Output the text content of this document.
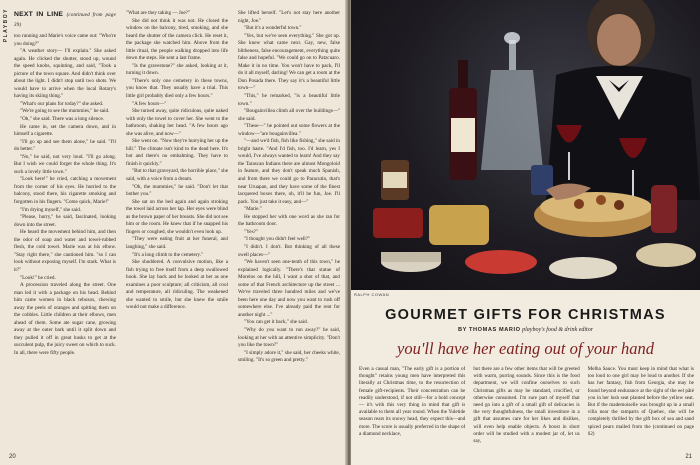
PLAYBOY NEXT IN LINE (continued from page 39)

too running and Marie's voice came out: "Who're you doing?"

"A weather story— I'll explain." She asked again. He clicked the shutter, stood up, wound the speed knobs, squinting, and said, "Took a picture of the town square. And didn't think over about the light. I didn't stop until two shots. We would have to arrive when the local Rotary's having its skiing thing."

"What's our plans for today?" she asked.

"We're going to see the mummies," he said.

"Oh," she said. There was a long silence.

He came in, set the camera down, and in himself a cigarette.

"I'll go up and see them alone," he said. "I'll do better."

"No," he said, not very loud. "I'll go along. But I wish we could forget the whole thing. It's such a lovely little town."

"Look here!" he cried, catching a movement from the corner of his eyes. He hurried to the balcony, stood there, his cigarette smoking and forgotten in his fingers. "Come quick, Marie!"

"I'm drying myself," she said.

"Please, hurry," he said, fascinated, looking down into the street.

He heard the movement behind him, and then the odor of soap and water and towel-rubbed flesh, the cold towel. Marie was at his elbow. "Stay right there," she cautioned him. "so I can look without exposing myself. I'm stark. What is it?"

"Look!" he cried.

A procession traveled along the street. One man led it with a package on his head. Behind him came women in black rebozos, chewing away the peels of oranges and spitting them on the cobbles. Little children at their elbows, men ahead of them. Some ate sugar cane, growing away at the outer bark until it split down and they pulled it off in great husks to get at the succulent pulp, the juicy sweet on which to suck. In all, there were fifty people.

"What are they taking — Joe?"

She did not think it was not. He closed the window on the balcony, tired, smoking, and she heard the shutter of the camera click. He reset it, the package she watched him. Above from the little ritual, the people walking dropped into life down the steps. He sent a last frame.

"Is the gravestone?" she asked, looking at it, turning it down.

"There's only one cemetery in these towns, you know that. They usually have a trial. This little girl probably died only a few hours."

"A few hours—"

She turned away, quite ridiculous, quite naked with only the towel to cover her. She went to the bathroom, shaking her head. "A few hours ago she was alive, and now—"

She went on. "Now they're hurrying her up the hill." The climate isn't kind to the dead here. It's hot and there's no embalming. They have to finish it quickly."

"But to that graveyard, the horrible place," she said, with a voice from a dream.

"Oh, the mummies," he said. "Don't let that bother you."

She sat on the bed again and again stroking the towel laid across her lap. Her eyes were blind as the brown paper of her breasts. She did not see him or the room. He knew that if he snapped his fingers or coughed, she wouldn't even look up.

"They were eating fruit at her funeral, and laughing," she said.

"It's a long climb to the cemetery."

She shuddered. A convulsive motion, like a fish trying to free itself from a deep swallowed hook. She lay back and he looked at her as one examines a poor sculpture; all criticism, all cool and temperature, all ridiculing. The weakened she wanted to smile, but she knew the smile would not make a difference.

She lifted herself. "Let's not stay here another night, Joe."

"But it's a wonderful town."

"Yes, but we've seen everything." She got up. She knew what came next. Gay, new, false blitheness, false encouragement, everything quite false and hopeful. "We could go on to Patzcuaro. Make it in no time. You won't have to pack, I'll do it all myself, darling! We can get a room at the Don Posada there. They say it's a beautiful little town—"

"This," he remarked, "is a beautiful little town."

"Bougainvillea climb all over the buildings—" she said.

"These—" he pointed out some flowers at the window—"are bougainvillea."

"—and we'd fish, fish like fishing," she said in bright haste. "And I'd fish, too. I'd learn, yes I would, I've always wanted to learn! And they say the Tarascan Indians there are almost Mongoloid in feature, and they don't speak much Spanish, and from there we could go to Paracutin, that's near Uruapan, and they have some of the finest lacquered boxes there, oh, it'll be fun, Joe. I'll pack. You just take it easy, and—"

"Marie."

He stopped her with one word as she ran for the bathroom door.

"Yes?"

"I thought you didn't feel well?"

"I didn't. I don't. But thinking of all these swell places—"

"We haven't seen one-tenth of this town," he explained logically. "There's that statue of Morelos on the hill, I want a shot of that, and some of that French architecture up the street ... We've traveled three hundred miles and we've been here one day and now you want to rush off somewhere else. I've already paid the rent for another night ..."

"You can get it back," she said.

"Why do you want to run away?" he said, looking at her with an attentive simplicity. "Don't you like the town?"

"I simply adore it," she said, her cheeks white, smiling. "It's so green and pretty."

20
RALPH COWAN
GOURMET GIFTS FOR CHRISTMAS
BY THOMAS MARIO playboy's food & drink editor
you'll have her eating out of your hand

Even a casual man, "The early gift is a portion of thought" retains young men have interpreted this literally at Christmas time, to the resurrection of female gift-recipients. Their concentration can be readily understood, if not still—for a bold concept— it's with this very thing in mind that gift is available to them all year round. When the Yuletide season rears its snowy head, they expect this—and more. The score is usually preferred in the shape of a diamond necklace,

but there are a few other items that will be greeted with warm, purring sounds. Since this is the food department, we will confine ourselves to such Christmas gifts as may be standard, crucified, or otherwise consumed. I'm sure part of myself that need go into a gift of a small gift of delicacies is the very thoughtfulness, the small investiture in a gift that assumes care for her likes and dislikes, will even help enable objects. A boost in short order will be studied with a modest jar of, let us say,

Melba Sauce. You must keep in mind that what is too loud to one girl may be loud to another. If she has her fantasy, fish from Georgia, she may be found beyond endurance at the sight of the eel pâté you in her lush seat planted before the yellow seat. But if the mademoiselle was brought up in a small villa near the ramparts of Quebec, she will be completely thrilled by the gift box of sea and sand spiced pears mailed from the (continued on page 62)

21
